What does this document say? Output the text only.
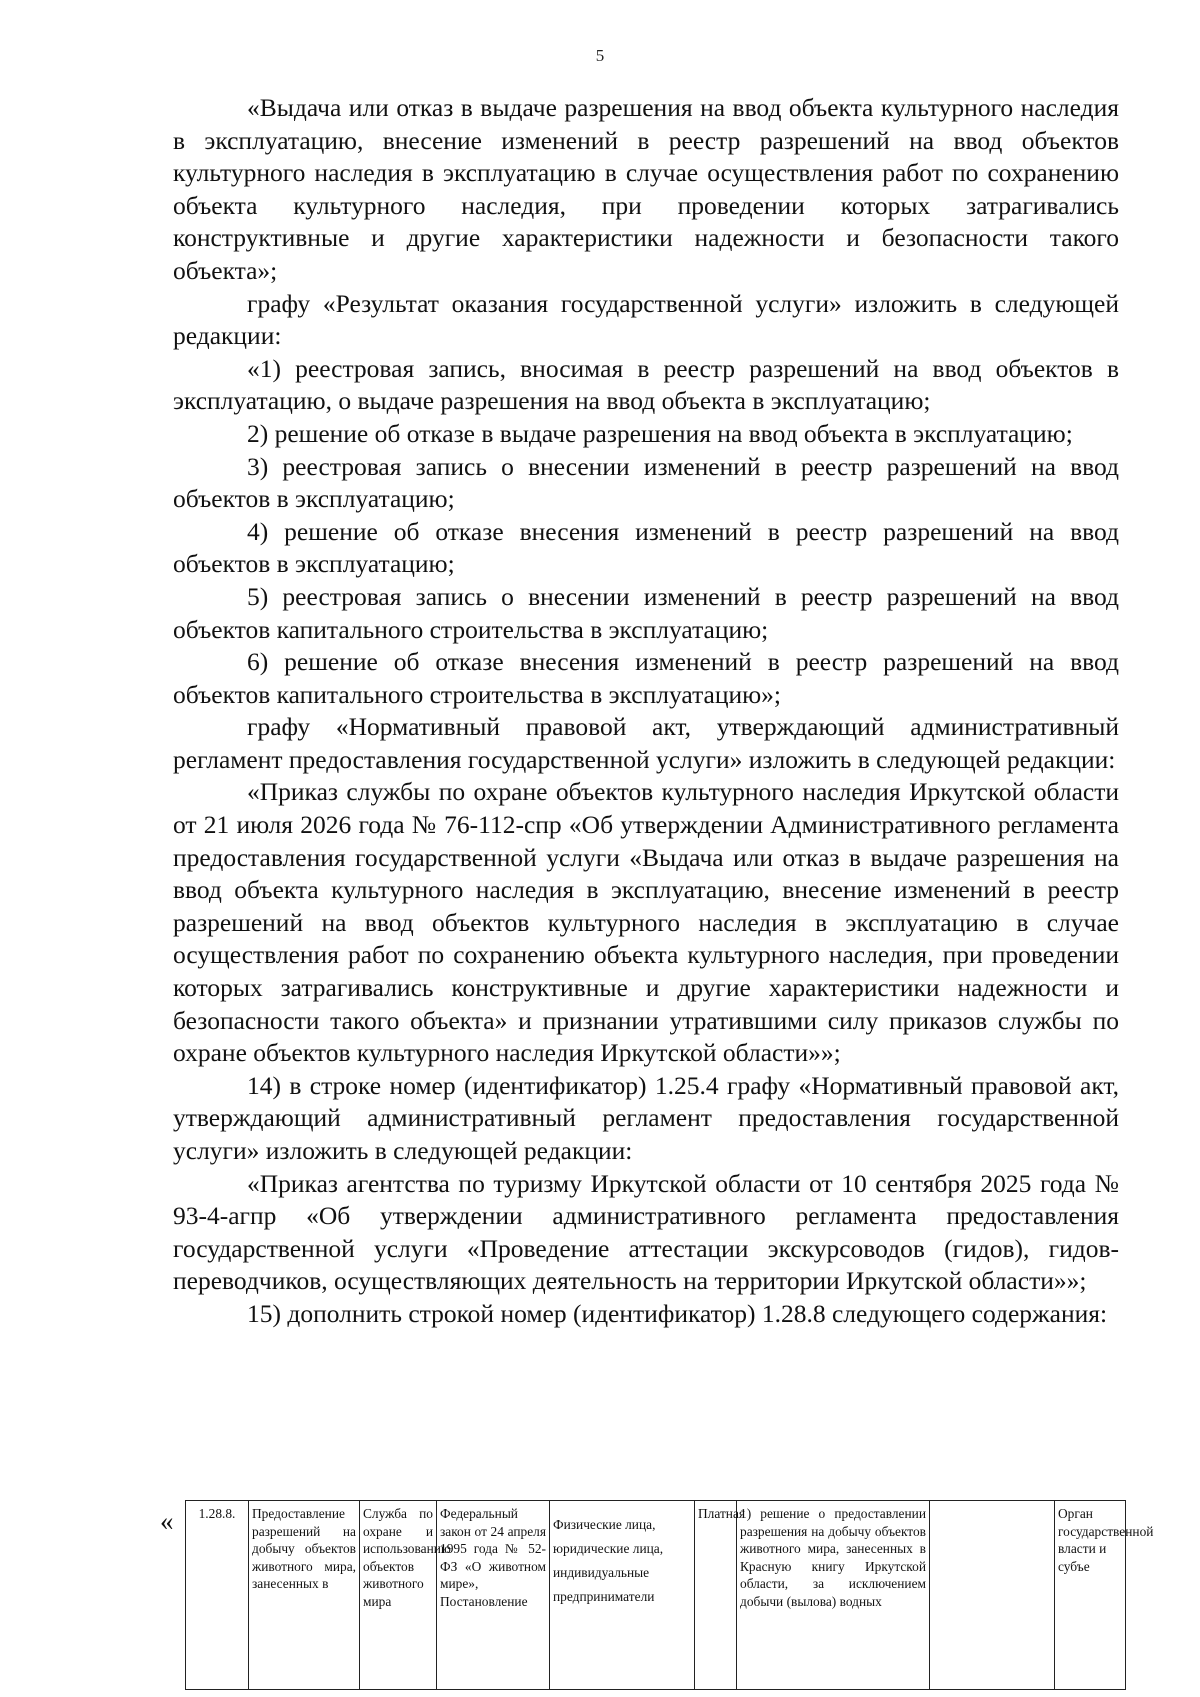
5

«Выдача или отказ в выдаче разрешения на ввод объекта культурного наследия в эксплуатацию, внесение изменений в реестр разрешений на ввод объектов культурного наследия в эксплуатацию в случае осуществления работ по сохранению объекта культурного наследия, при проведении которых затрагивались конструктивные и другие характеристики надежности и безопасности такого объекта»;

графу «Результат оказания государственной услуги» изложить в следующей редакции:

«1) реестровая запись, вносимая в реестр разрешений на ввод объектов в эксплуатацию, о выдаче разрешения на ввод объекта в эксплуатацию;

2) решение об отказе в выдаче разрешения на ввод объекта в эксплуатацию;

3) реестровая запись о внесении изменений в реестр разрешений на ввод объектов в эксплуатацию;

4) решение об отказе внесения изменений в реестр разрешений на ввод объектов в эксплуатацию;

5) реестровая запись о внесении изменений в реестр разрешений на ввод объектов капитального строительства в эксплуатацию;

6) решение об отказе внесения изменений в реестр разрешений на ввод объектов капитального строительства в эксплуатацию»;

графу «Нормативный правовой акт, утверждающий административный регламент предоставления государственной услуги» изложить в следующей редакции:

«Приказ службы по охране объектов культурного наследия Иркутской области от 21 июля 2026 года № 76-112-спр «Об утверждении Административного регламента предоставления государственной услуги «Выдача или отказ в выдаче разрешения на ввод объекта культурного наследия в эксплуатацию, внесение изменений в реестр разрешений на ввод объектов культурного наследия в эксплуатацию в случае осуществления работ по сохранению объекта культурного наследия, при проведении которых затрагивались конструктивные и другие характеристики надежности и безопасности такого объекта» и признании утратившими силу приказов службы по охране объектов культурного наследия Иркутской области»»;

14) в строке номер (идентификатор) 1.25.4 графу «Нормативный правовой акт, утверждающий административный регламент предоставления государственной услуги» изложить в следующей редакции:

«Приказ агентства по туризму Иркутской области от 10 сентября 2025 года № 93-4-агпр «Об утверждении административного регламента предоставления государственной услуги «Проведение аттестации экскурсоводов (гидов), гидов-переводчиков, осуществляющих деятельность на территории Иркутской области»»;

15) дополнить строкой номер (идентификатор) 1.28.8 следующего содержания:

« 1.28.8.	Предоставление разрешений на добычу объектов животного мира, занесенных в	Служба по охране и использованию объектов животного мира	Федеральный закон от 24 апреля 1995 года № 52-ФЗ «О животном мире», Постановление	Физические лица, юридические лица, индивидуальные предприниматели	Платная	1) решение о предоставлении разрешения на добычу объектов животного мира, занесенных в Красную книгу Иркутской области, за исключением добычи (вылова) водных		Орган государственной власти и субъе
